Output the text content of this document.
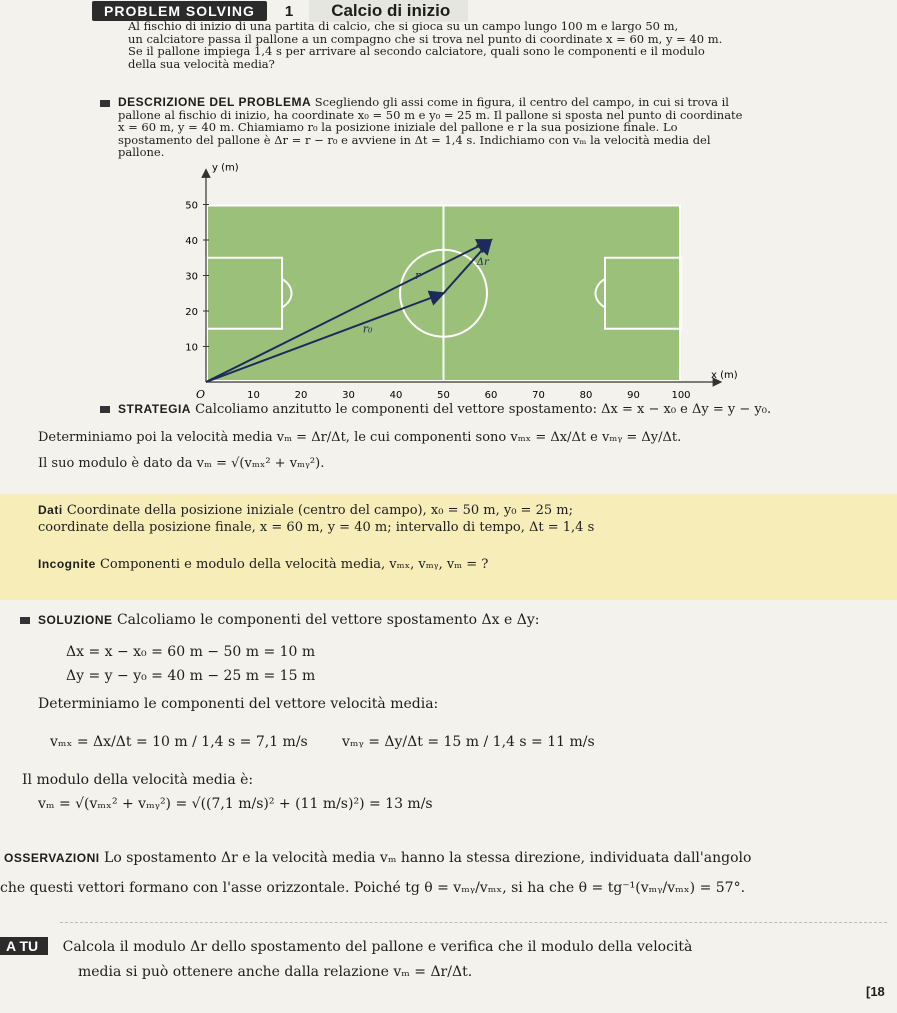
PROBLEM SOLVING	1	Calcio di inizio
Al fischio di inizio di una partita di calcio, che si gioca su un campo lungo 100 m e largo 50 m,
un calciatore passa il pallone a un compagno che si trova nel punto di coordinate x = 60 m, y = 40 m.
Se il pallone impiega 1,4 s per arrivare al secondo calciatore, quali sono le componenti e il modulo
della sua velocità media?
DESCRIZIONE DEL PROBLEMA Scegliendo gli assi come in figura, il centro del campo, in cui si trova il
pallone al fischio di inizio, ha coordinate x₀ = 50 m e y₀ = 25 m. Il pallone si sposta nel punto di coordinate
x = 60 m, y = 40 m. Chiamiamo r₀ la posizione iniziale del pallone e r la sua posizione finale. Lo
spostamento del pallone è Δr = r − r₀ e avviene in Δt = 1,4 s. Indichiamo con vₘ la velocità media del
pallone.
y (m)
x (m)
O	10	20	30	40	50	60	70	80	90	100
10
20
30
40
50
r₀
r
Δr
STRATEGIA Calcoliamo anzitutto le componenti del vettore spostamento: Δx = x − x₀ e Δy = y − y₀.
Determiniamo poi la velocità media vₘ = Δr/Δt, le cui componenti sono vₘₓ = Δx/Δt e vₘᵧ = Δy/Δt.
Il suo modulo è dato da vₘ = √(vₘₓ² + vₘᵧ²).
Dati Coordinate della posizione iniziale (centro del campo), x₀ = 50 m, y₀ = 25 m;
coordinate della posizione finale, x = 60 m, y = 40 m; intervallo di tempo, Δt = 1,4 s
Incognite Componenti e modulo della velocità media, vₘₓ, vₘᵧ, vₘ = ?
SOLUZIONE Calcoliamo le componenti del vettore spostamento Δx e Δy:
Δx = x − x₀ = 60 m − 50 m = 10 m
Δy = y − y₀ = 40 m − 25 m = 15 m
Determiniamo le componenti del vettore velocità media:
vₘₓ = Δx/Δt = 10 m / 1,4 s = 7,1 m/s vₘᵧ = Δy/Δt = 15 m / 1,4 s = 11 m/s
Il modulo della velocità media è:
vₘ = √(vₘₓ² + vₘᵧ²) = √((7,1 m/s)² + (11 m/s)²) = 13 m/s
OSSERVAZIONI Lo spostamento Δr e la velocità media vₘ hanno la stessa direzione, individuata dall'angolo
che questi vettori formano con l'asse orizzontale. Poiché tg θ = vₘᵧ/vₘₓ, si ha che θ = tg⁻¹(vₘᵧ/vₘₓ) = 57°.
A TU Calcola il modulo Δr dello spostamento del pallone e verifica che il modulo della velocità
media si può ottenere anche dalla relazione vₘ = Δr/Δt.
[18
